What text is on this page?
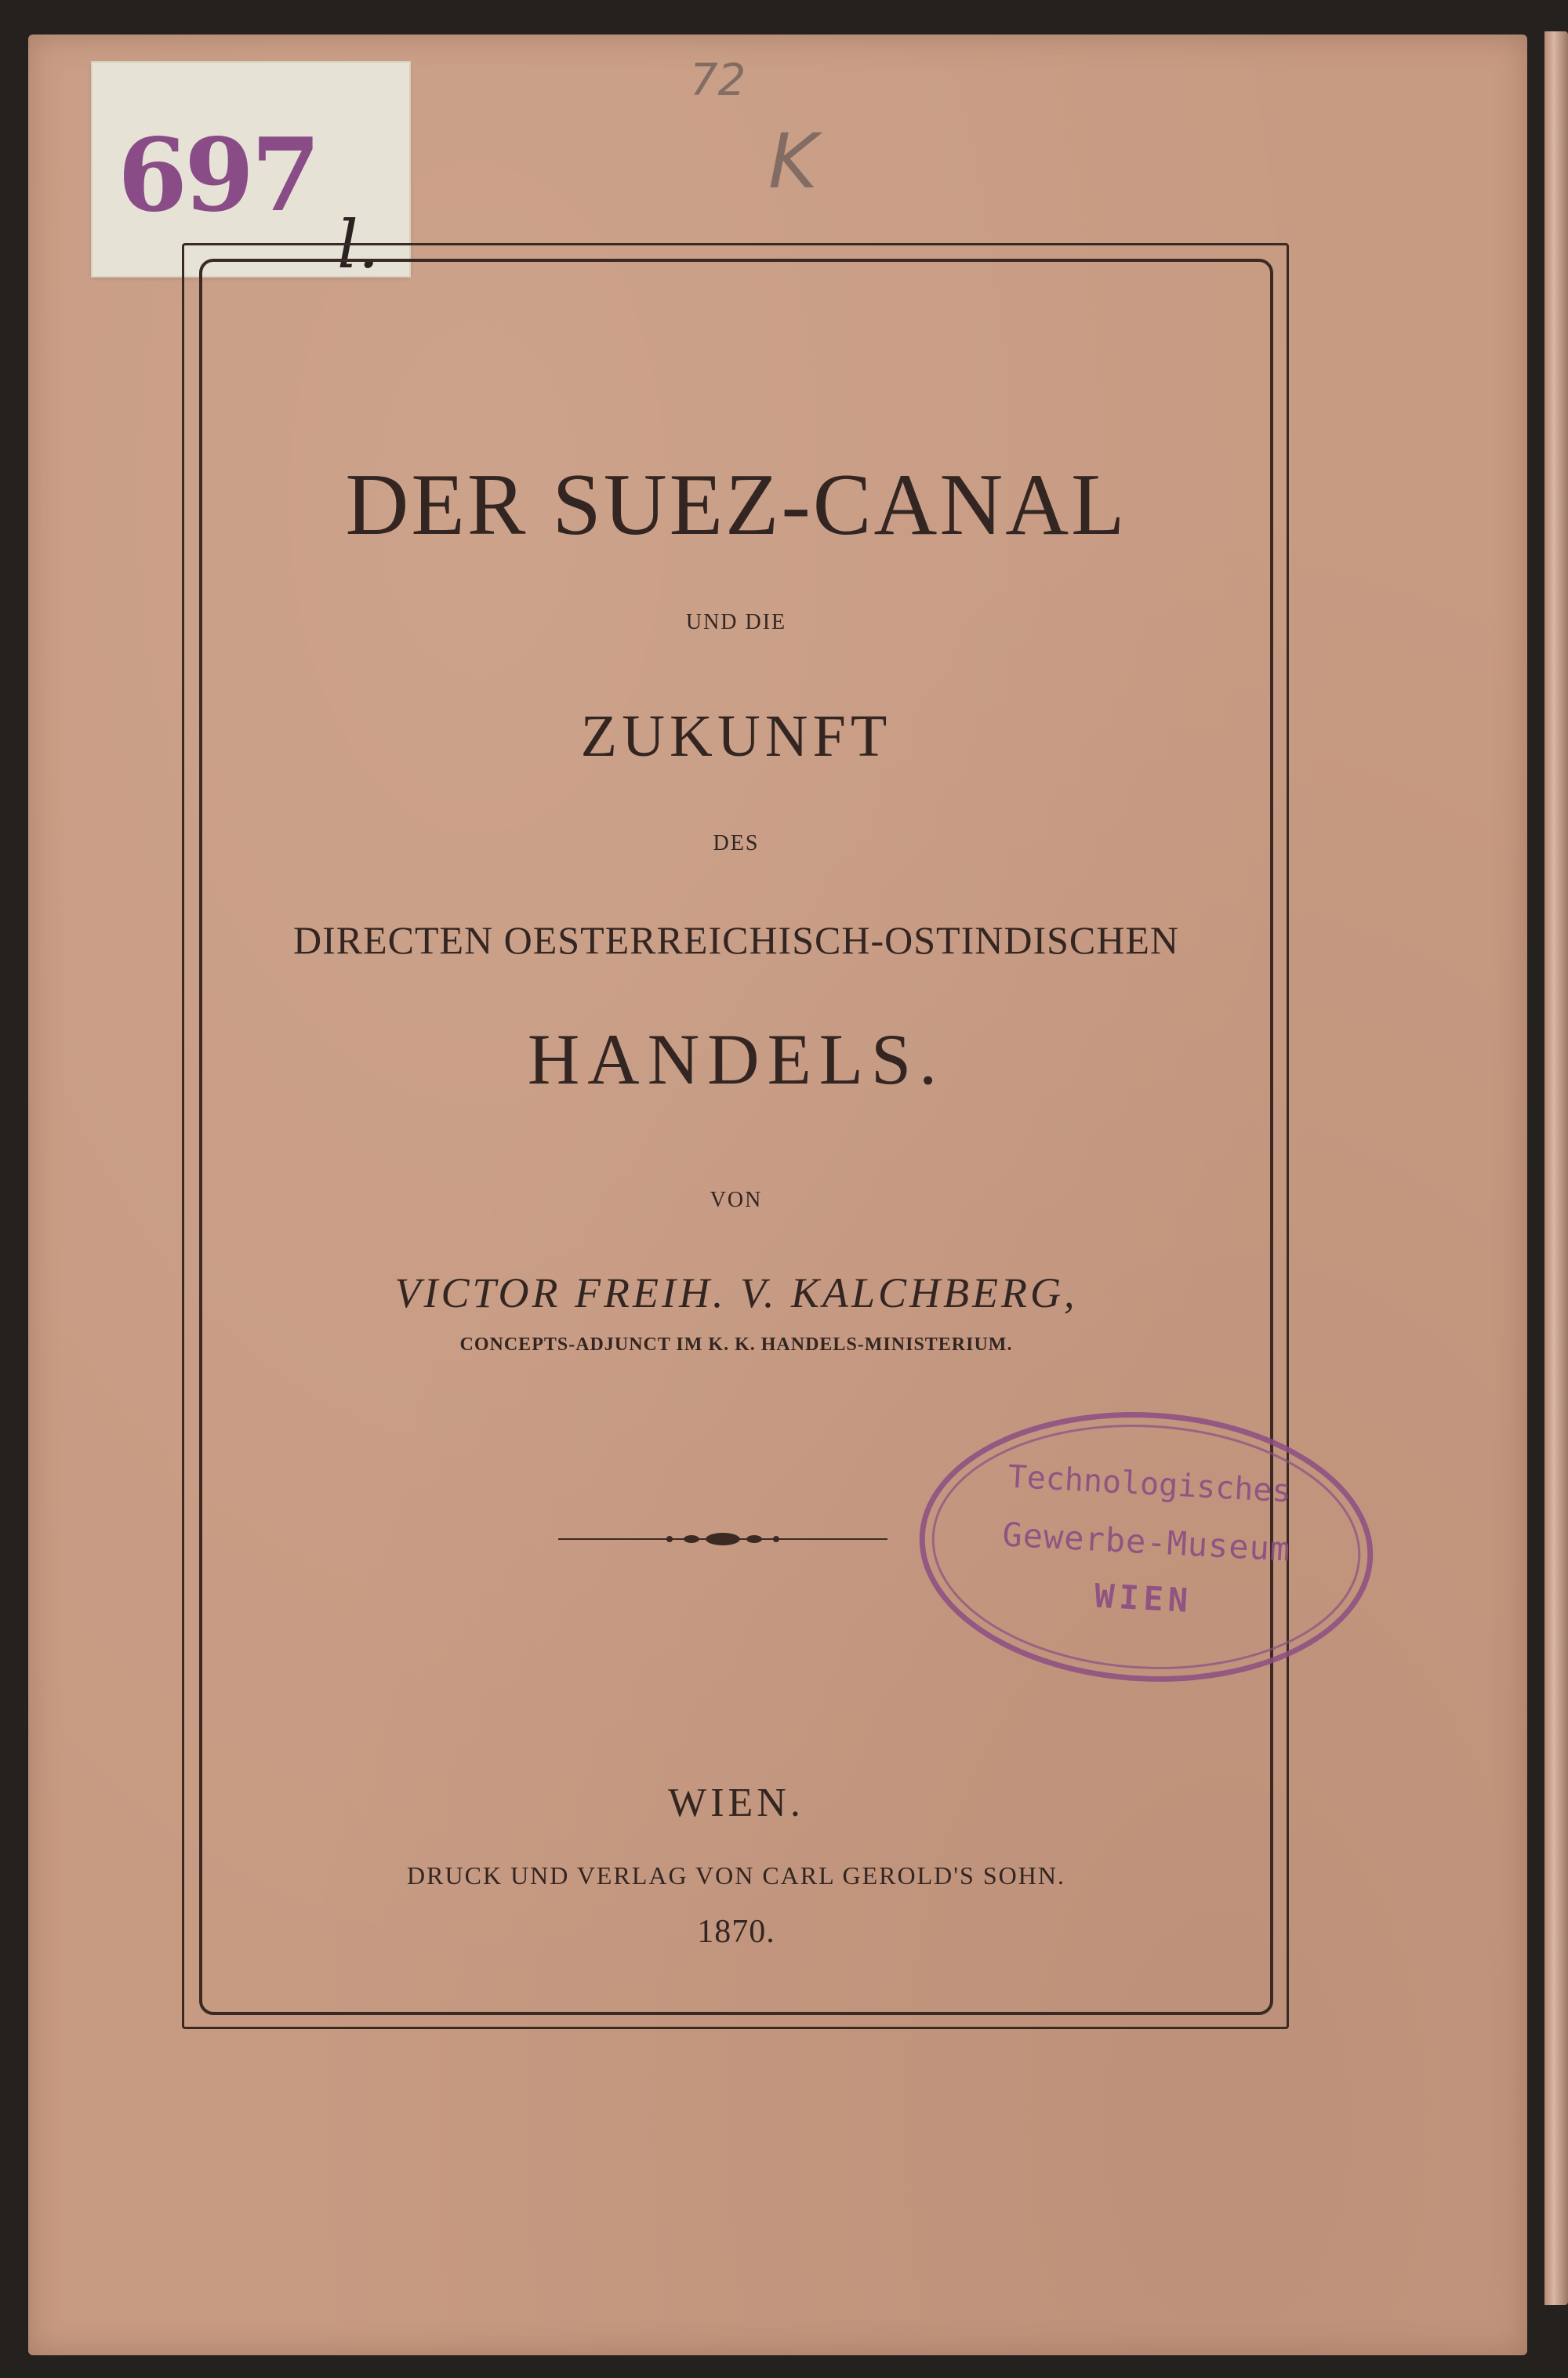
697
l.
72
K
DER SUEZ-CANAL
UND DIE
ZUKUNFT
DES
DIRECTEN OESTERREICHISCH-OSTINDISCHEN
HANDELS.
VON
VICTOR FREIH. V. KALCHBERG,
CONCEPTS-ADJUNCT IM K. K. HANDELS-MINISTERIUM.
WIEN.
DRUCK UND VERLAG VON CARL GEROLD'S SOHN.
1870.
Technologisches
Gewerbe-Museum
WIEN
